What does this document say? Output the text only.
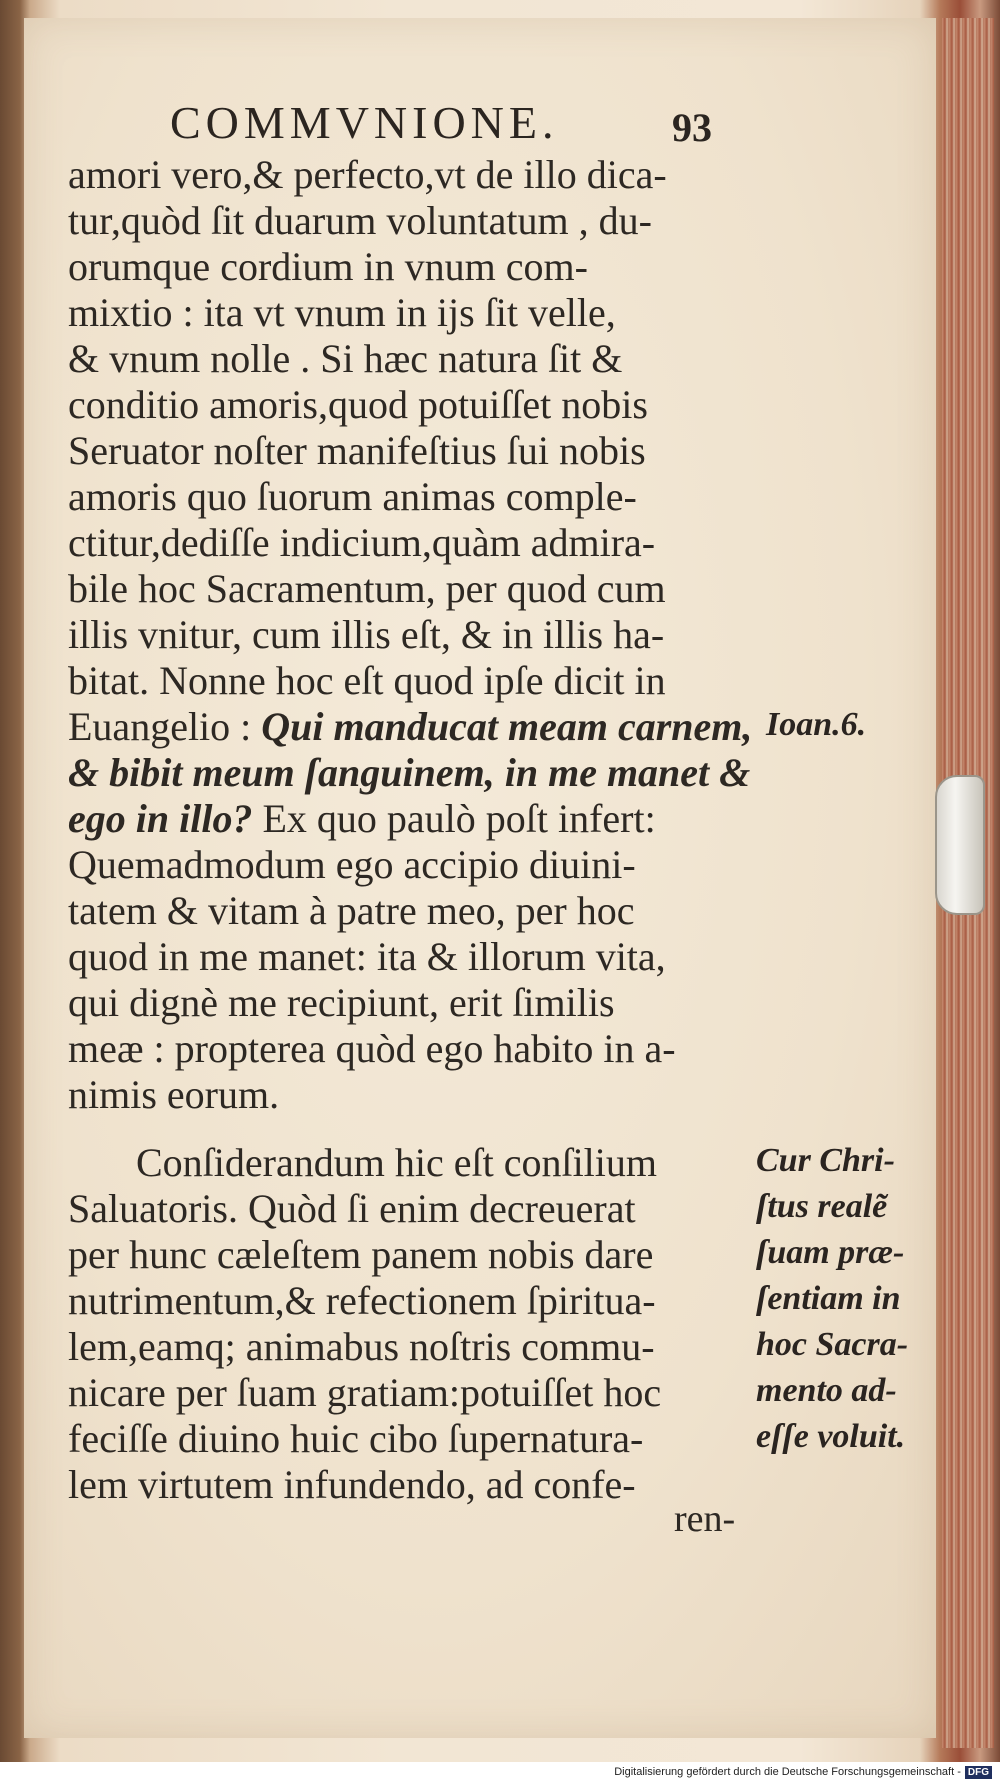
COMMVNIONE.	93
amori vero,& perfecto,vt de illo dica-
tur,quòd ſit duarum voluntatum , du-
orumque cordium in vnum com-
mixtio : ita vt vnum in ijs ſit velle,
& vnum nolle . Si hæc natura ſit &
conditio amoris,quod potuiſſet nobis
Seruator noſter manifeſtius ſui nobis
amoris quo ſuorum animas comple-
ctitur,dediſſe indicium,quàm admira-
bile hoc Sacramentum, per quod cum
illis vnitur, cum illis eſt, & in illis ha-
bitat. Nonne hoc eſt quod ipſe dicit in
Euangelio : Qui manducat meam carnem,
& bibit meum ſanguinem, in me manet &
ego in illo? Ex quo paulò poſt infert:
Quemadmodum ego accipio diuini-
tatem & vitam à patre meo, per hoc
quod in me manet: ita & illorum vita,
qui dignè me recipiunt, erit ſimilis
meæ : propterea quòd ego habito in a-
nimis eorum.
Conſiderandum hic eſt conſilium
Saluatoris. Quòd ſi enim decreuerat
per hunc cæleſtem panem nobis dare
nutrimentum,& refectionem ſpiritua-
lem,eamq; animabus noſtris commu-
nicare per ſuam gratiam:potuiſſet hoc
feciſſe diuino huic cibo ſupernatura-
lem virtutem infundendo, ad confe-
ren-
Ioan.6.
Cur Chri-
ſtus realẽ
ſuam præ-
ſentiam in
hoc Sacra-
mento ad-
eſſe voluit.
Digitalisierung gefördert durch die Deutsche Forschungsgemeinschaft - DFG
